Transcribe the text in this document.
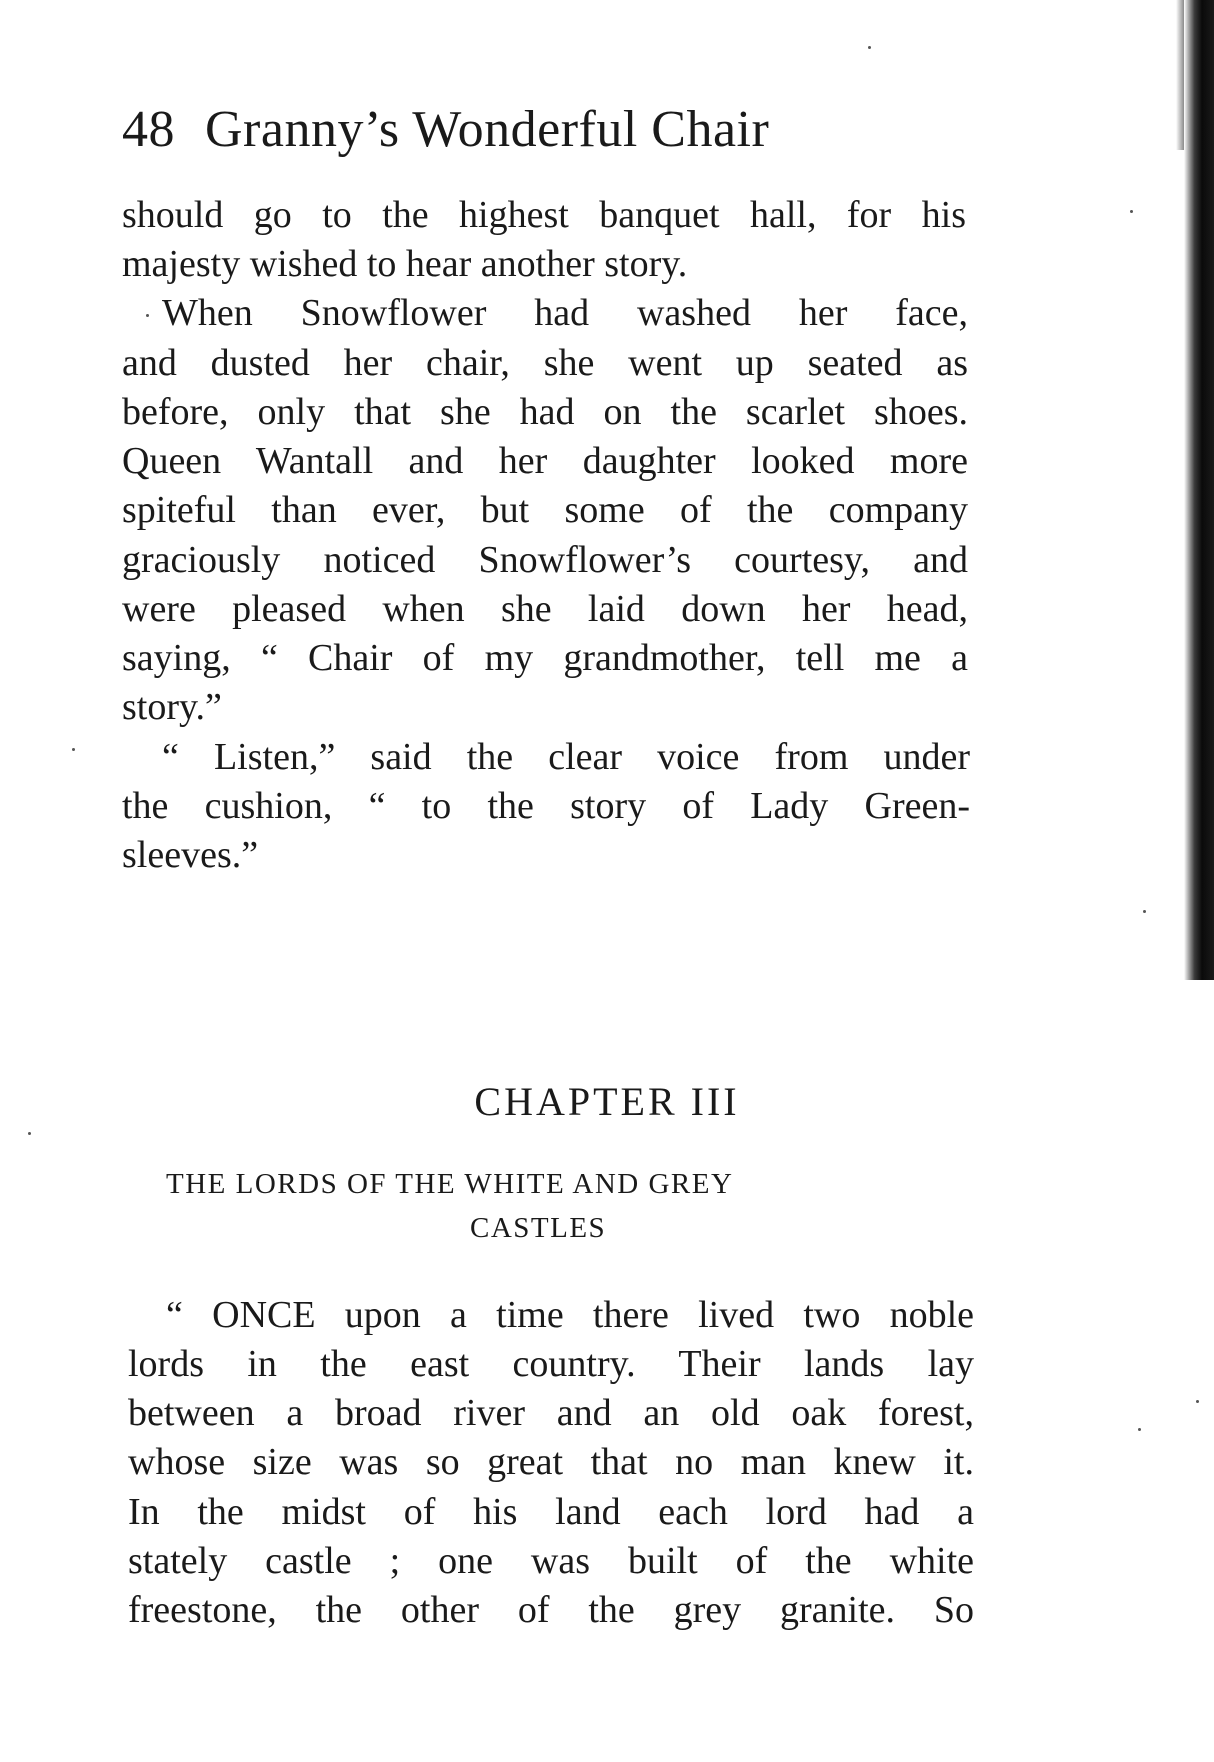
48 Granny’s Wonderful Chair
should go to the highest banquet hall, for his
majesty wished to hear another story.
When Snowflower had washed her face,
and dusted her chair, she went up seated as
before, only that she had on the scarlet shoes.
Queen Wantall and her daughter looked more
spiteful than ever, but some of the company
graciously noticed Snowflower’s courtesy, and
were pleased when she laid down her head,
saying, “ Chair of my grandmother, tell me a
story.”
“ Listen,” said the clear voice from under
the cushion, “ to the story of Lady Green-
sleeves.”
CHAPTER III
THE LORDS OF THE WHITE AND GREY
CASTLES
“ ONCE upon a time there lived two noble
lords in the east country. Their lands lay
between a broad river and an old oak forest,
whose size was so great that no man knew it.
In the midst of his land each lord had a
stately castle ; one was built of the white
freestone, the other of the grey granite. So
